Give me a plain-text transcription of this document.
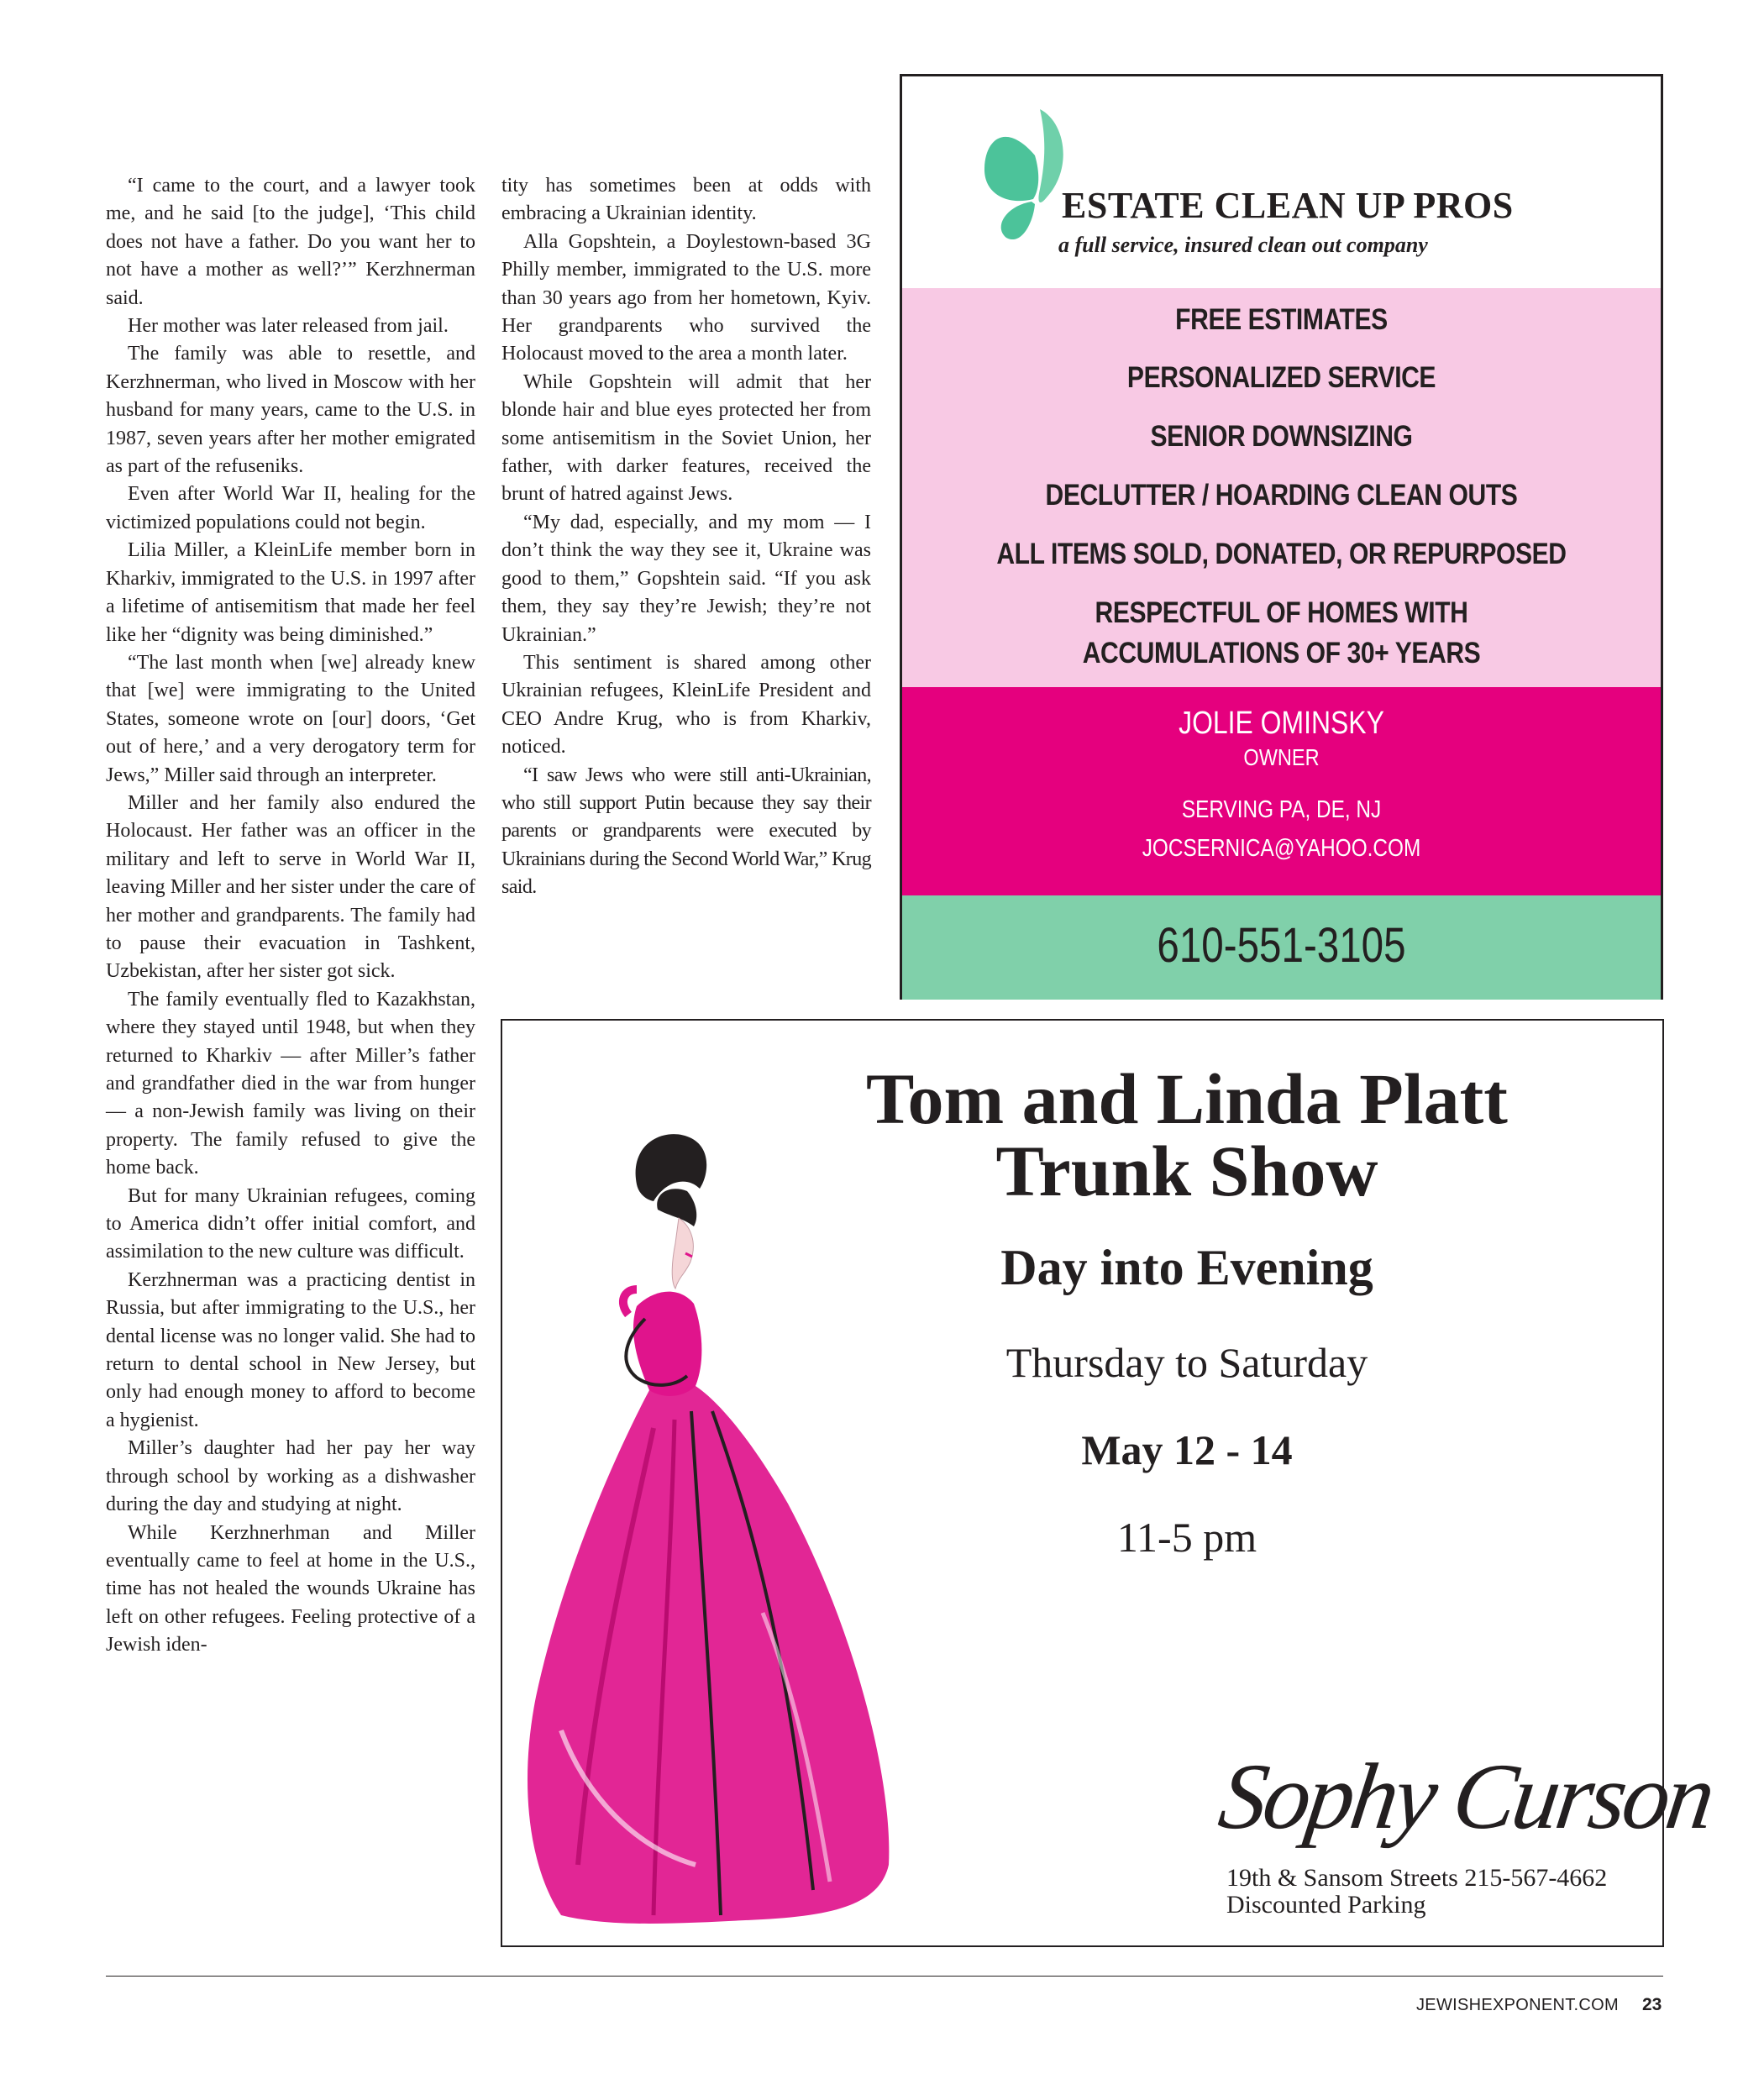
“I came to the court, and a lawyer took me, and he said [to the judge], ‘This child does not have a father. Do you want her to not have a mother as well?’” Kerzhnerman said.

Her mother was later released from jail.

The family was able to resettle, and Kerzhnerman, who lived in Moscow with her husband for many years, came to the U.S. in 1987, seven years after her mother emigrated as part of the refuseniks.

Even after World War II, healing for the victimized populations could not begin.

Lilia Miller, a KleinLife member born in Kharkiv, immigrated to the U.S. in 1997 after a lifetime of antisemitism that made her feel like her “dignity was being diminished.”

“The last month when [we] already knew that [we] were immigrating to the United States, someone wrote on [our] doors, ‘Get out of here,’ and a very derogatory term for Jews,” Miller said through an interpreter.

Miller and her family also endured the Holocaust. Her father was an officer in the military and left to serve in World War II, leaving Miller and her sister under the care of her mother and grandparents. The family had to pause their evacuation in Tashkent, Uzbekistan, after her sister got sick.

The family eventually fled to Kazakhstan, where they stayed until 1948, but when they returned to Kharkiv — after Miller’s father and grandfather died in the war from hunger — a non-Jewish family was living on their property. The family refused to give the home back.

But for many Ukrainian refugees, coming to America didn’t offer initial comfort, and assimilation to the new culture was difficult.

Kerzhnerman was a practicing dentist in Russia, but after immigrating to the U.S., her dental license was no longer valid. She had to return to dental school in New Jersey, but only had enough money to afford to become a hygienist.

Miller’s daughter had her pay her way through school by working as a dishwasher during the day and studying at night.

While Kerzhnerhman and Miller eventually came to feel at home in the U.S., time has not healed the wounds Ukraine has left on other refugees. Feeling protective of a Jewish iden-

tity has sometimes been at odds with embracing a Ukrainian identity.

Alla Gopshtein, a Doylestown-based 3G Philly member, immigrated to the U.S. more than 30 years ago from her hometown, Kyiv. Her grandparents who survived the Holocaust moved to the area a month later.

While Gopshtein will admit that her blonde hair and blue eyes protected her from some antisemitism in the Soviet Union, her father, with darker features, received the brunt of hatred against Jews.

“My dad, especially, and my mom — I don’t think the way they see it, Ukraine was good to them,” Gopshtein said. “If you ask them, they say they’re Jewish; they’re not Ukrainian.”

This sentiment is shared among other Ukrainian refugees, KleinLife President and CEO Andre Krug, who is from Kharkiv, noticed.

“I saw Jews who were still anti-Ukrainian, who still support Putin because they say their parents or grandparents were executed by Ukrainians during the Second World War,” Krug said.

ESTATE CLEAN UP PROS
a full service, insured clean out company
FREE ESTIMATES
PERSONALIZED SERVICE
SENIOR DOWNSIZING
DECLUTTER / HOARDING CLEAN OUTS
ALL ITEMS SOLD, DONATED, OR REPURPOSED
RESPECTFUL OF HOMES WITH
ACCUMULATIONS OF 30+ YEARS
JOLIE OMINSKY
OWNER
SERVING PA, DE, NJ
JOCSERNICA@YAHOO.COM
610-551-3105
Tom and Linda Platt
Trunk Show
Day into Evening
Thursday to Saturday
May 12 - 14
11-5 pm
Sophy Curson
19th & Sansom Streets 215-567-4662
Discounted Parking
JEWISHEXPONENT.COM 23
